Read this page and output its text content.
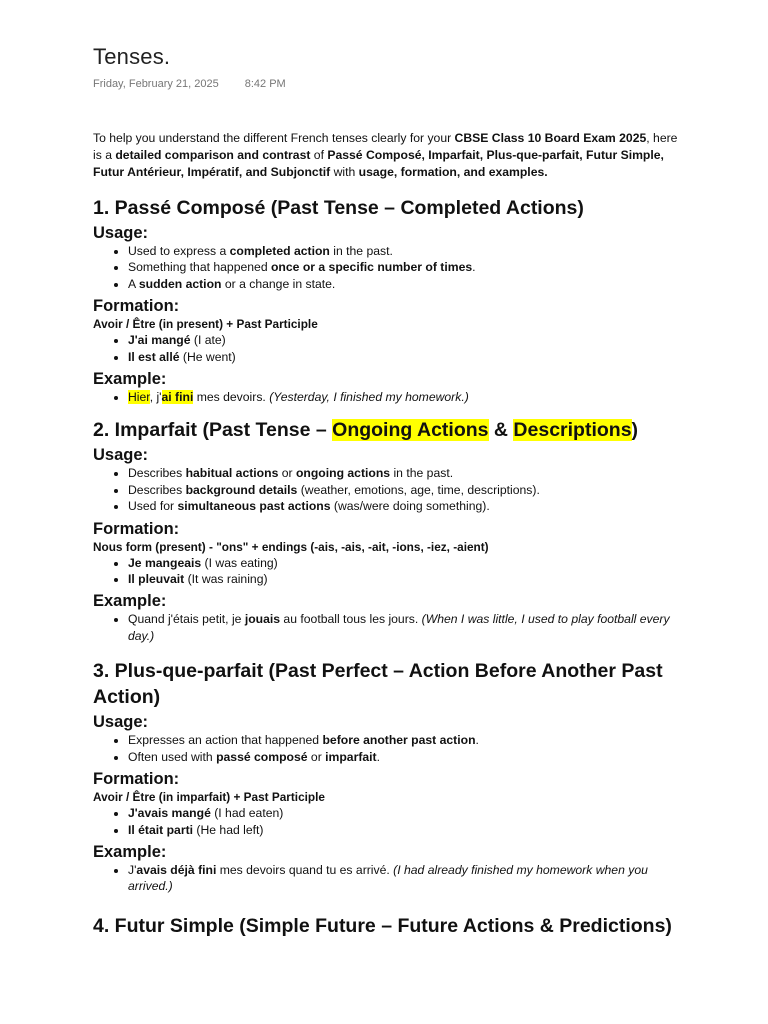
Tenses.
Friday, February 21, 2025 8:42 PM

To help you understand the different French tenses clearly for your CBSE Class 10 Board Exam 2025, here is a detailed comparison and contrast of Passé Composé, Imparfait, Plus-que-parfait, Futur Simple, Futur Antérieur, Impératif, and Subjonctif with usage, formation, and examples.

1. Passé Composé (Past Tense – Completed Actions)
Usage:
• Used to express a completed action in the past.
• Something that happened once or a specific number of times.
• A sudden action or a change in state.
Formation:

Avoir / Être (in present) + Past Participle

• J'ai mangé (I ate)
• Il est allé (He went)
Example:
• Hier, j'ai fini mes devoirs. (Yesterday, I finished my homework.)
2. Imparfait (Past Tense – Ongoing Actions & Descriptions)
Usage:
• Describes habitual actions or ongoing actions in the past.
• Describes background details (weather, emotions, age, time, descriptions).
• Used for simultaneous past actions (was/were doing something).
Formation:

Nous form (present) - "ons" + endings (-ais, -ais, -ait, -ions, -iez, -aient)

• Je mangeais (I was eating)
• Il pleuvait (It was raining)
Example:
• Quand j'étais petit, je jouais au football tous les jours. (When I was little, I used to play football every day.)
3. Plus-que-parfait (Past Perfect – Action Before Another Past Action)
Usage:
• Expresses an action that happened before another past action.
• Often used with passé composé or imparfait.
Formation:

Avoir / Être (in imparfait) + Past Participle

• J'avais mangé (I had eaten)
• Il était parti (He had left)
Example:
• J'avais déjà fini mes devoirs quand tu es arrivé. (I had already finished my homework when you arrived.)
4. Futur Simple (Simple Future – Future Actions & Predictions)
